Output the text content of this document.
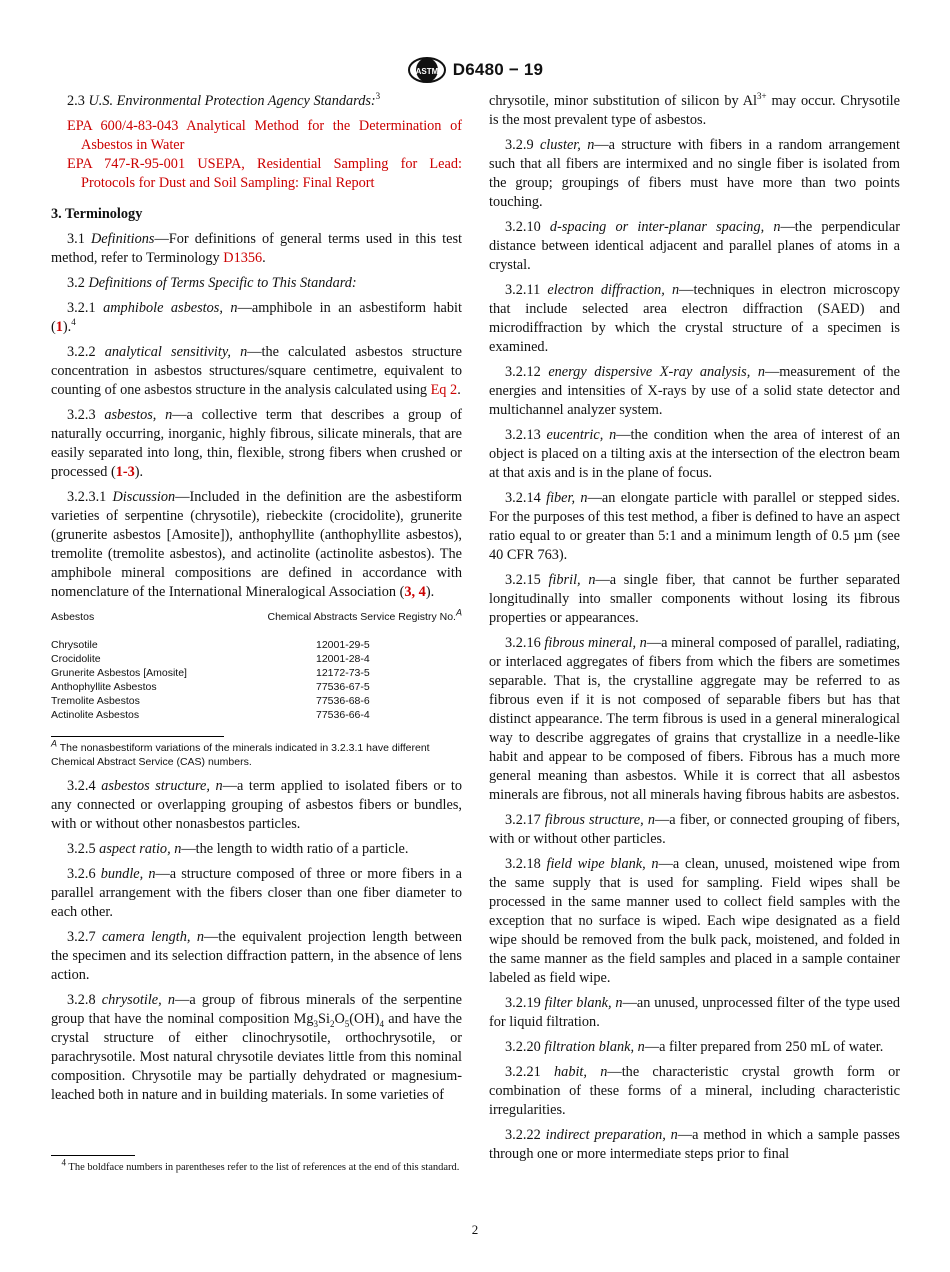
ASTM D6480 − 19

2.3 U.S. Environmental Protection Agency Standards:$^3$

EPA 600/4-83-043 Analytical Method for the Determination of Asbestos in Water

EPA 747-R-95-001 USEPA, Residential Sampling for Lead: Protocols for Dust and Soil Sampling: Final Report

3. Terminology

3.1 Definitions—For definitions of general terms used in this test method, refer to Terminology D1356.

3.2 Definitions of Terms Specific to This Standard:

3.2.1 amphibole asbestos, n—amphibole in an asbestiform habit (1).$^4$

3.2.2 analytical sensitivity, n—the calculated asbestos structure concentration in asbestos structures/square centimetre, equivalent to counting of one asbestos structure in the analysis calculated using Eq 2.

3.2.3 asbestos, n—a collective term that describes a group of naturally occurring, inorganic, highly fibrous, silicate minerals, that are easily separated into long, thin, flexible, strong fibers when crushed or processed (1-3).

3.2.3.1 Discussion—Included in the definition are the asbestiform varieties of serpentine (chrysotile), riebeckite (crocidolite), grunerite (grunerite asbestos [Amosite]), anthophyllite (anthophyllite asbestos), tremolite (tremolite asbestos), and actinolite (actinolite asbestos). The amphibole mineral compositions are defined in accordance with nomenclature of the International Mineralogical Association (3, 4).

Asbestos	Chemical Abstracts Service Registry No.$^A$
Chrysotile	12001-29-5
Crocidolite	12001-28-4
Grunerite Asbestos [Amosite]	12172-73-5
Anthophyllite Asbestos	77536-67-5
Tremolite Asbestos	77536-68-6
Actinolite Asbestos	77536-66-4
$^A$ The nonasbestiform variations of the minerals indicated in 3.2.3.1 have different Chemical Abstract Service (CAS) numbers.

3.2.4 asbestos structure, n—a term applied to isolated fibers or to any connected or overlapping grouping of asbestos fibers or bundles, with or without other nonasbestos particles.

3.2.5 aspect ratio, n—the length to width ratio of a particle.

3.2.6 bundle, n—a structure composed of three or more fibers in a parallel arrangement with the fibers closer than one fiber diameter to each other.

3.2.7 camera length, n—the equivalent projection length between the specimen and its selection diffraction pattern, in the absence of lens action.

3.2.8 chrysotile, n—a group of fibrous minerals of the serpentine group that have the nominal composition $Mg_3Si_2O_5(OH)_4$ and have the crystal structure of either clinochrysotile, orthochrysotile, or parachrysotile. Most natural chrysotile deviates little from this nominal composition. Chrysotile may be partially dehydrated or magnesium-leached both in nature and in building materials. In some varieties of

$^4$ The boldface numbers in parentheses refer to the list of references at the end of this standard.

chrysotile, minor substitution of silicon by $Al^{3+}$ may occur. Chrysotile is the most prevalent type of asbestos.

3.2.9 cluster, n—a structure with fibers in a random arrangement such that all fibers are intermixed and no single fiber is isolated from the group; groupings of fibers must have more than two points touching.

3.2.10 d-spacing or inter-planar spacing, n—the perpendicular distance between identical adjacent and parallel planes of atoms in a crystal.

3.2.11 electron diffraction, n—techniques in electron microscopy that include selected area electron diffraction (SAED) and microdiffraction by which the crystal structure of a specimen is examined.

3.2.12 energy dispersive X-ray analysis, n—measurement of the energies and intensities of X-rays by use of a solid state detector and multichannel analyzer system.

3.2.13 eucentric, n—the condition when the area of interest of an object is placed on a tilting axis at the intersection of the electron beam at that axis and is in the plane of focus.

3.2.14 fiber, n—an elongate particle with parallel or stepped sides. For the purposes of this test method, a fiber is defined to have an aspect ratio equal to or greater than 5:1 and a minimum length of 0.5 µm (see 40 CFR 763).

3.2.15 fibril, n—a single fiber, that cannot be further separated longitudinally into smaller components without losing its fibrous properties or appearances.

3.2.16 fibrous mineral, n—a mineral composed of parallel, radiating, or interlaced aggregates of fibers from which the fibers are sometimes separable. That is, the crystalline aggregate may be referred to as fibrous even if it is not composed of separable fibers but has that distinct appearance. The term fibrous is used in a general mineralogical way to describe aggregates of grains that crystallize in a needle-like habit and appear to be composed of fibers. Fibrous has a much more general meaning than asbestos. While it is correct that all asbestos minerals are fibrous, not all minerals having fibrous habits are asbestos.

3.2.17 fibrous structure, n—a fiber, or connected grouping of fibers, with or without other particles.

3.2.18 field wipe blank, n—a clean, unused, moistened wipe from the same supply that is used for sampling. Field wipes shall be processed in the same manner used to collect field samples with the exception that no surface is wiped. Each wipe designated as a field wipe should be removed from the bulk pack, moistened, and folded in the same manner as the field samples and placed in a sample container labeled as field wipe.

3.2.19 filter blank, n—an unused, unprocessed filter of the type used for liquid filtration.

3.2.20 filtration blank, n—a filter prepared from 250 mL of water.

3.2.21 habit, n—the characteristic crystal growth form or combination of these forms of a mineral, including characteristic irregularities.

3.2.22 indirect preparation, n—a method in which a sample passes through one or more intermediate steps prior to final

2
